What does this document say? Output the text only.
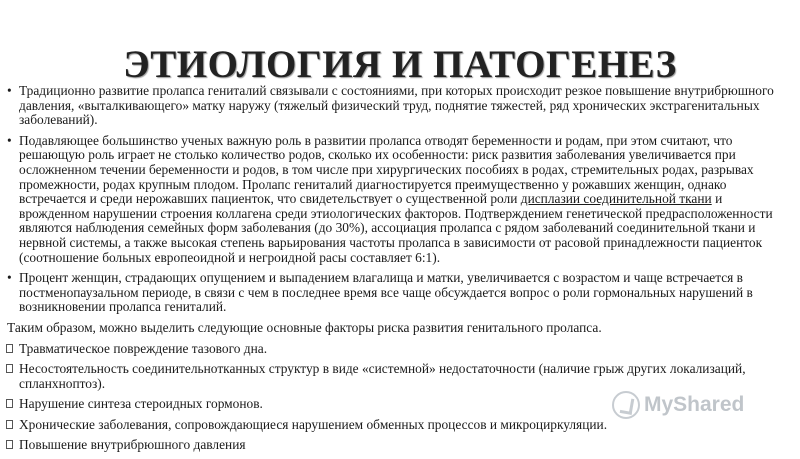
ЭТИОЛОГИЯ И ПАТОГЕНЕЗ
• Традиционно развитие пролапса гениталий связывали с состояниями, при которых происходит резкое повышение внутрибрюшного давления, «выталкивающего» матку наружу (тяжелый физический труд, поднятие тяжестей, ряд хронических экстрагенитальных заболеваний).
• Подавляющее большинство ученых важную роль в развитии пролапса отводят беременности и родам, при этом считают, что решающую роль играет не столько количество родов, сколько их особенности: риск развития заболевания увеличивается при осложненном течении беременности и родов, в том числе при хирургических пособиях в родах, стремительных родах, разрывах промежности, родах крупным плодом. Пролапс гениталий диагностируется преимущественно у рожавших женщин, однако встречается и среди нерожавших пациенток, что свидетельствует о существенной роли дисплазии соединительной ткани и врожденном нарушении строения коллагена среди этиологических факторов. Подтверждением генетической предрасположенности являются наблюдения семейных форм заболевания (до 30%), ассоциация пролапса с рядом заболеваний соединительной ткани и нервной системы, а также высокая степень варьирования частоты пролапса в зависимости от расовой принадлежности пациенток (соотношение больных европеоидной и негроидной расы составляет 6:1).
• Процент женщин, страдающих опущением и выпадением влагалища и матки, увеличивается с возрастом и чаще встречается в постменопаузальном периоде, в связи с чем в последнее время все чаще обсуждается вопрос о роли гормональных нарушений в возникновении пролапса гениталий.
Таким образом, можно выделить следующие основные факторы риска развития генитального пролапса.
Травматическое повреждение тазового дна.
Несостоятельность соединительнотканных структур в виде «системной» недостаточности (наличие грыж других локализаций, спланхноптоз).
Нарушение синтеза стероидных гормонов.
Хронические заболевания, сопровождающиеся нарушением обменных процессов и микроциркуляции.
Повышение внутрибрюшного давления
MyShared
